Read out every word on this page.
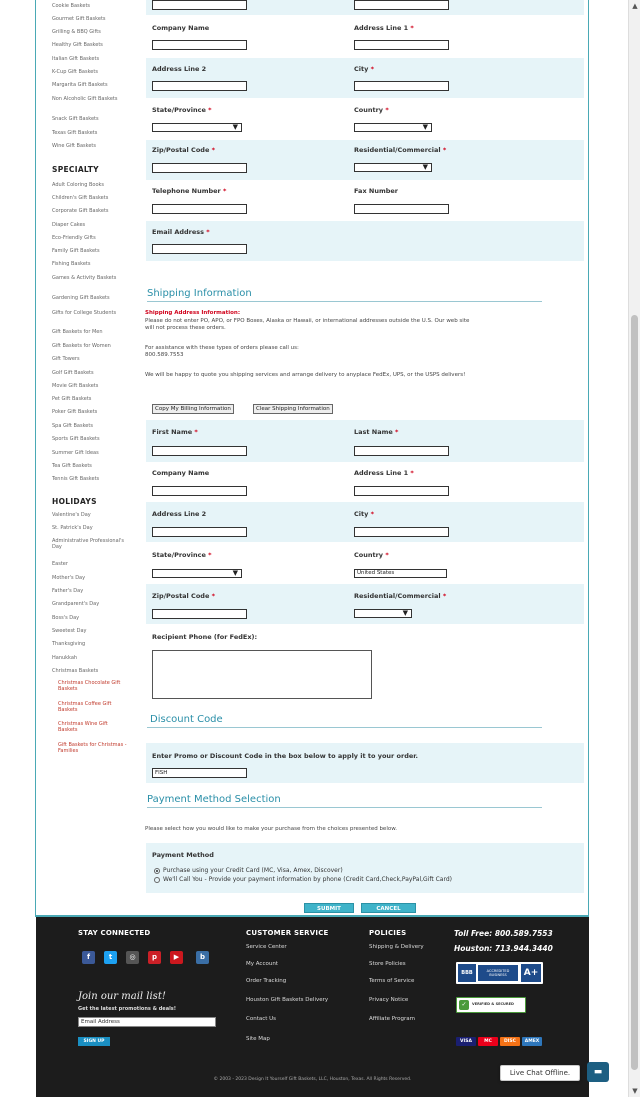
Cookie Baskets
Gourmet Gift Baskets
Grilling & BBQ Gifts
Healthy Gift Baskets
Italian Gift Baskets
K-Cup Gift Baskets
Margarita Gift Baskets
Non Alcoholic Gift Baskets
Snack Gift Baskets
Texas Gift Baskets
Wine Gift Baskets
SPECIALTY
Adult Coloring Books
Children's Gift Baskets
Corporate Gift Baskets
Diaper Cakes
Eco-Friendly Gifts
Family Gift Baskets
Fishing Baskets
Games & Activity Baskets
Gardening Gift Baskets
Gifts for College Students
Gift Baskets for Men
Gift Baskets for Women
Gift Towers
Golf Gift Baskets
Movie Gift Baskets
Pet Gift Baskets
Poker Gift Baskets
Spa Gift Baskets
Sports Gift Baskets
Summer Gift Ideas
Tea Gift Baskets
Tennis Gift Baskets
HOLIDAYS
Valentine's Day
St. Patrick's Day
Administrative Professional's Day
Easter
Mother's Day
Father's Day
Grandparent's Day
Boss's Day
Sweetest Day
Thanksgiving
Hanukkah
Christmas Baskets
Christmas Chocolate Gift Baskets
Christmas Coffee Gift Baskets
Christmas Wine Gift Baskets
Gift Baskets for Christmas - Families
Company Name	Address Line 1 *
Address Line 2	City *
State/Province *	Country *
▼	▼
Zip/Postal Code *	Residential/Commercial *
▼
Telephone Number *	Fax Number
Email Address *
Shipping Information
Shipping Address Information:
Please do not enter PO, APO, or FPO Boxes, Alaska or Hawaii, or international addresses outside the U.S. Our web site
will not process these orders.
For assistance with these types of orders please call us:
800.589.7553
We will be happy to quote you shipping services and arrange delivery to anyplace FedEx, UPS, or the USPS delivers!
Copy My Billing Information	Clear Shipping Information
First Name *	Last Name *
Company Name	Address Line 1 *
Address Line 2	City *
State/Province *	Country *
▼	United States
Zip/Postal Code *	Residential/Commercial *
▼
Recipient Phone (for FedEx):
Discount Code
Enter Promo or Discount Code in the box below to apply it to your order.
FISH
Payment Method Selection
Please select how you would like to make your purchase from the choices presented below.
Payment Method
Purchase using your Credit Card (MC, Visa, Amex, Discover)
We'll Call You - Provide your payment information by phone (Credit Card,Check,PayPal,Gift Card)
SUBMIT	CANCEL
STAY CONNECTED
f	t	◎	p	▶	b
Join our mail list!
Get the latest promotions & deals!
Email Address
SIGN UP
CUSTOMER SERVICE
Service Center
My Account
Order Tracking
Houston Gift Baskets Delivery
Contact Us
Site Map
POLICIES
Shipping & Delivery
Store Policies
Terms of Service
Privacy Notice
Affiliate Program
Toll Free: 800.589.7553
Houston: 713.944.3440
BBB	ACCREDITED BUSINESS	A+
✓	VERIFIED & SECURED
VISA	MC	DISC	AMEX
© 2003 - 2023 Design It Yourself Gift Baskets, LLC, Houston, Texas. All Rights Reserved.
Live Chat Offline.	▬
▲
▼
